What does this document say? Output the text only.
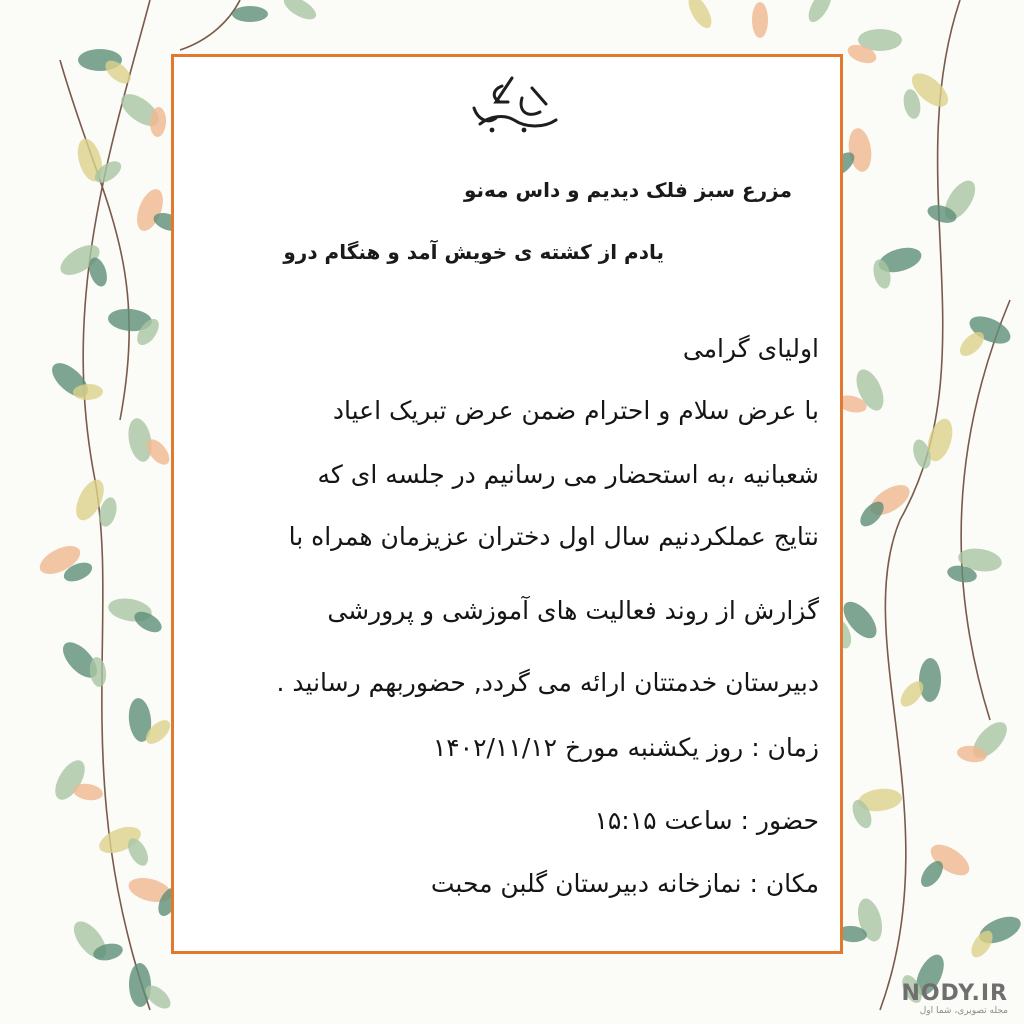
گلبن
مزرع سبز فلک دیدیم و داس مه‌نو
یادم از کشته ی خویش آمد و هنگام درو
اولیای گرامی
با عرض سلام و احترام ضمن عرض تبریک اعیاد
شعبانیه ،به استحضار می رسانیم در جلسه ای که
نتایج عملکردنیم سال اول دختران عزیزمان همراه با
گزارش از روند فعالیت های آموزشی و پرورشی
دبیرستان خدمتتان ارائه می گردد, حضوربهم رسانید .
زمان : روز یکشنبه مورخ ۱۴۰۲/۱۱/۱۲
حضور : ساعت ۱۵:۱۵
مکان : نمازخانه دبیرستان گلبن محبت
NODY.IR
مجله تصویری، شما اول
